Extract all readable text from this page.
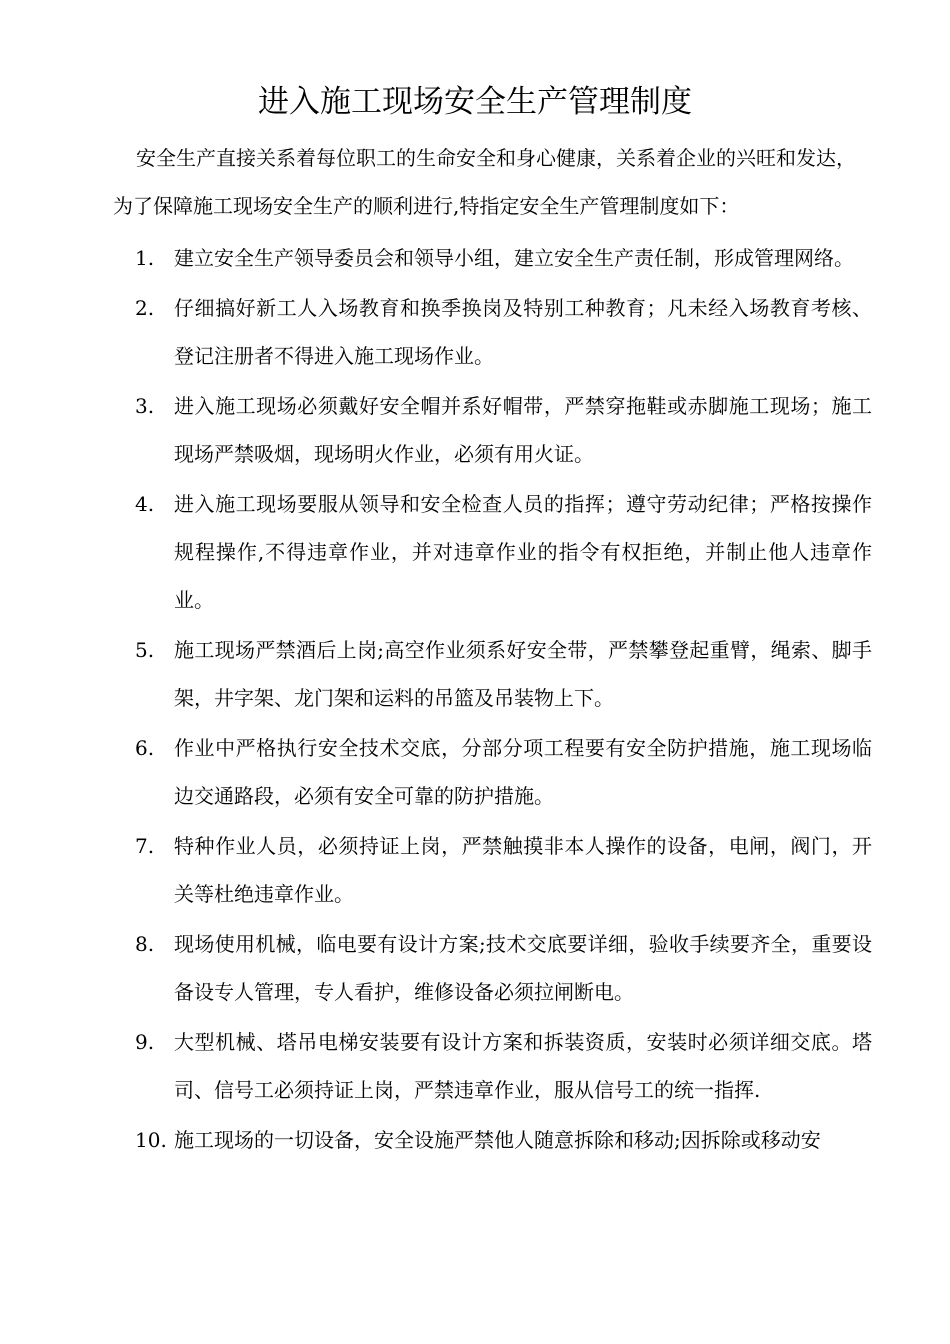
进入施工现场安全生产管理制度
安全生产直接关系着每位职工的生命安全和身心健康，关系着企业的兴旺和发达，为了保障施工现场安全生产的顺利进行,特指定安全生产管理制度如下：
1. 建立安全生产领导委员会和领导小组，建立安全生产责任制，形成管理网络。
2. 仔细搞好新工人入场教育和换季换岗及特别工种教育；凡未经入场教育考核、登记注册者不得进入施工现场作业。
3. 进入施工现场必须戴好安全帽并系好帽带，严禁穿拖鞋或赤脚施工现场；施工现场严禁吸烟，现场明火作业，必须有用火证。
4. 进入施工现场要服从领导和安全检查人员的指挥；遵守劳动纪律；严格按操作规程操作,不得违章作业，并对违章作业的指令有权拒绝，并制止他人违章作业。
5. 施工现场严禁酒后上岗;高空作业须系好安全带，严禁攀登起重臂，绳索、脚手架，井字架、龙门架和运料的吊篮及吊装物上下。
6. 作业中严格执行安全技术交底，分部分项工程要有安全防护措施，施工现场临边交通路段，必须有安全可靠的防护措施。
7. 特种作业人员，必须持证上岗，严禁触摸非本人操作的设备，电闸，阀门，开关等杜绝违章作业。
8. 现场使用机械，临电要有设计方案;技术交底要详细，验收手续要齐全，重要设备设专人管理，专人看护，维修设备必须拉闸断电。
9. 大型机械、塔吊电梯安装要有设计方案和拆装资质，安装时必须详细交底。塔司、信号工必须持证上岗，严禁违章作业，服从信号工的统一指挥.
10. 施工现场的一切设备，安全设施严禁他人随意拆除和移动;因拆除或移动安
